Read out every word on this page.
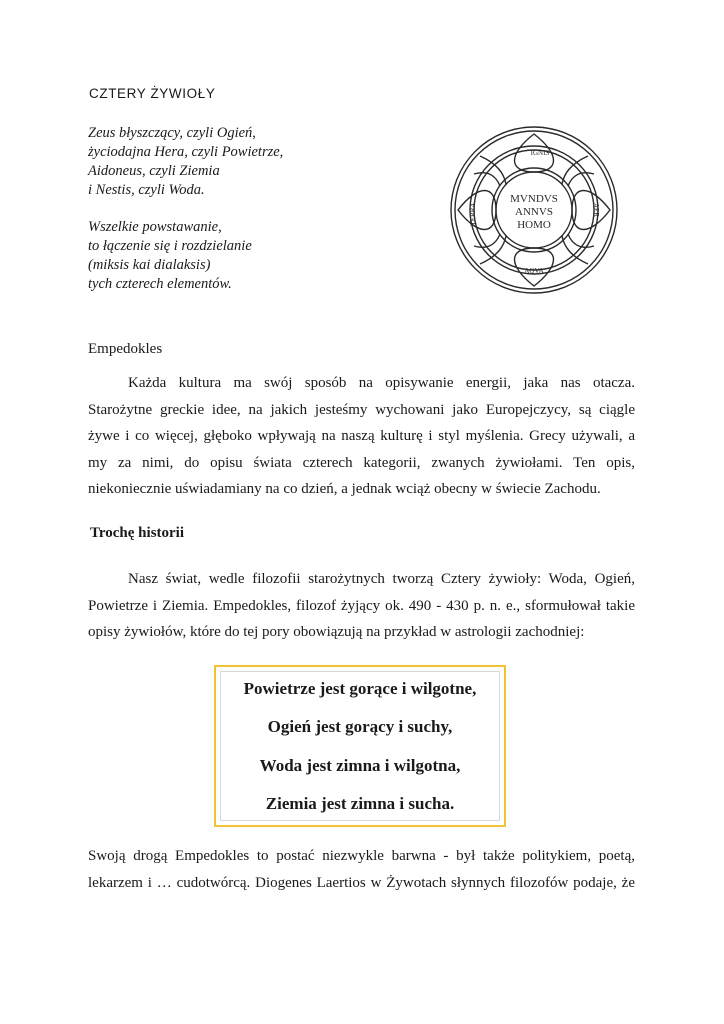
CZTERY ŻYWIOŁY
Zeus błyszczący, czyli Ogień,
życiodajna Hera, czyli Powietrze,
Aidoneus, czyli Ziemia
i Nestis, czyli Woda.
Wszelkie powstawanie,
to łączenie się i rozdzielanie
(miksis kai dialaksis)
tych czterech elementów.
MVNDVS
ANNVS
HOMO
IGNIS
TERRA	AER
AQVA
Empedokles
Każda kultura ma swój sposób na opisywanie energii, jaka nas otacza.
Starożytne greckie idee, na jakich jesteśmy wychowani jako Europejczycy, są ciągle
żywe i co więcej, głęboko wpływają na naszą kulturę i styl myślenia. Grecy używali, a
my za nimi, do opisu świata czterech kategorii, zwanych żywiołami. Ten opis,
niekoniecznie uświadamiany na co dzień, a jednak wciąż obecny w świecie Zachodu.
Trochę historii
Nasz świat, wedle filozofii starożytnych tworzą Cztery żywioły: Woda, Ogień,
Powietrze i Ziemia. Empedokles, filozof żyjący ok. 490 - 430 p. n. e., sformułował takie
opisy żywiołów, które do tej pory obowiązują na przykład w astrologii zachodniej:
Powietrze jest gorące i wilgotne,
Ogień jest gorący i suchy,
Woda jest zimna i wilgotna,
Ziemia jest zimna i sucha.
Swoją drogą Empedokles to postać niezwykle barwna - był także politykiem, poetą,
lekarzem i … cudotwórcą. Diogenes Laertios w Żywotach słynnych filozofów podaje, że
